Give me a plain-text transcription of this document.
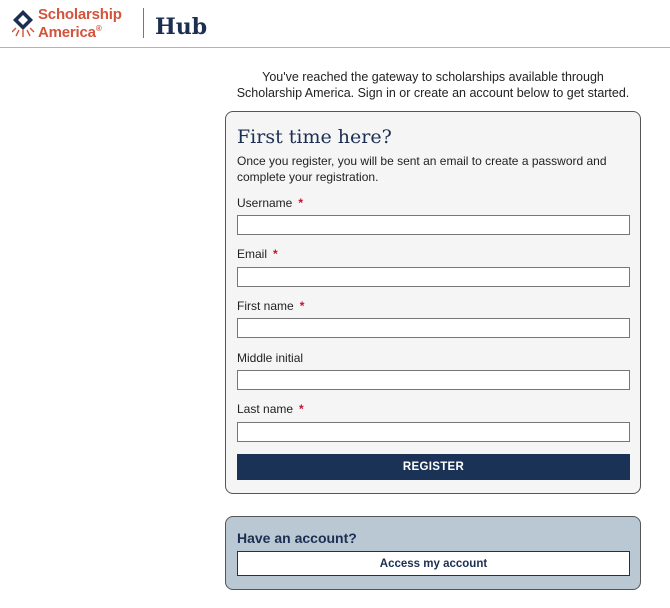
Scholarship
America®	Hub

You've reached the gateway to scholarships available through Scholarship America. Sign in or create an account below to get started.

First time here?

Once you register, you will be sent an email to create a password and complete your registration.

Username *
Email *
First name *
Middle initial
Last name *
REGISTER
Have an account?
Access my account
